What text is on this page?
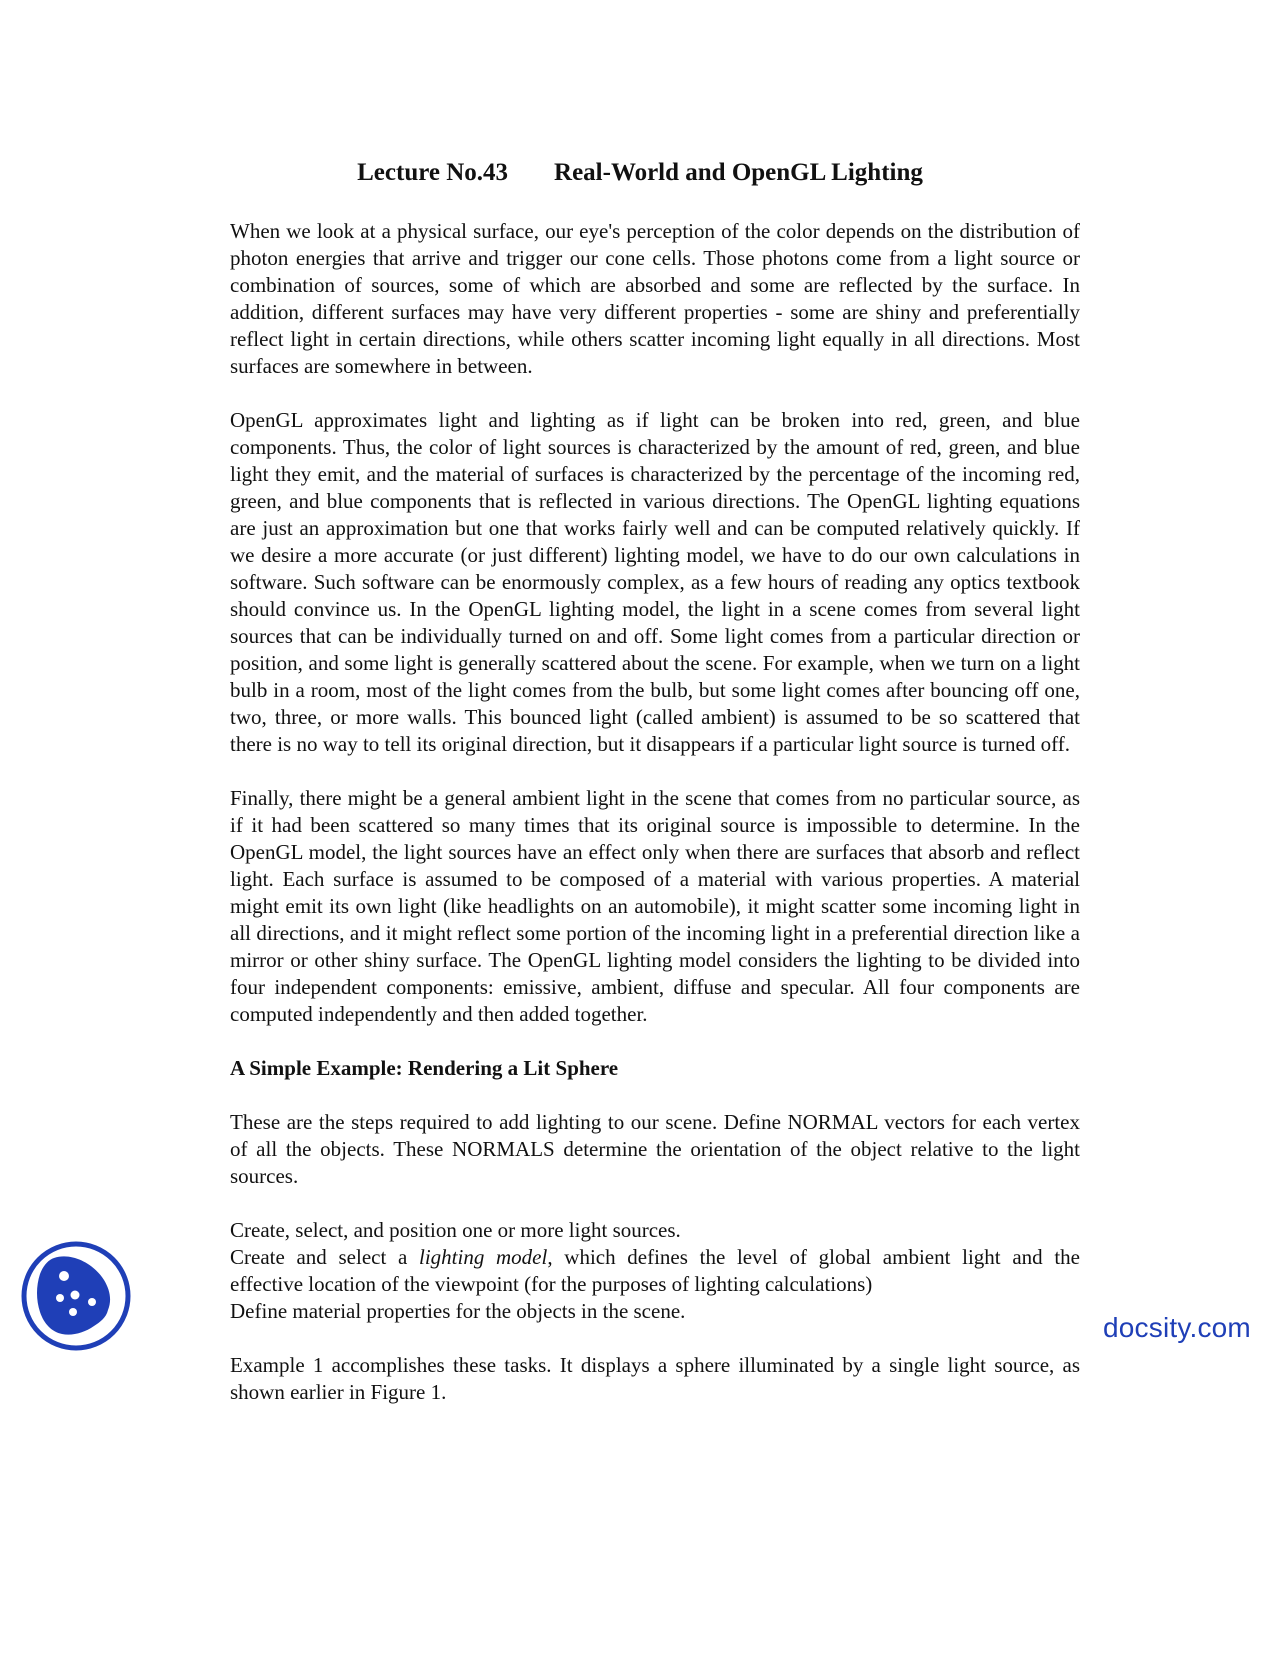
Lecture No.43 Real-World and OpenGL Lighting

When we look at a physical surface, our eye's perception of the color depends on the distribution of photon energies that arrive and trigger our cone cells. Those photons come from a light source or combination of sources, some of which are absorbed and some are reflected by the surface. In addition, different surfaces may have very different properties - some are shiny and preferentially reflect light in certain directions, while others scatter incoming light equally in all directions. Most surfaces are somewhere in between.

OpenGL approximates light and lighting as if light can be broken into red, green, and blue components. Thus, the color of light sources is characterized by the amount of red, green, and blue light they emit, and the material of surfaces is characterized by the percentage of the incoming red, green, and blue components that is reflected in various directions. The OpenGL lighting equations are just an approximation but one that works fairly well and can be computed relatively quickly. If we desire a more accurate (or just different) lighting model, we have to do our own calculations in software. Such software can be enormously complex, as a few hours of reading any optics textbook should convince us. In the OpenGL lighting model, the light in a scene comes from several light sources that can be individually turned on and off. Some light comes from a particular direction or position, and some light is generally scattered about the scene. For example, when we turn on a light bulb in a room, most of the light comes from the bulb, but some light comes after bouncing off one, two, three, or more walls. This bounced light (called ambient) is assumed to be so scattered that there is no way to tell its original direction, but it disappears if a particular light source is turned off.

Finally, there might be a general ambient light in the scene that comes from no particular source, as if it had been scattered so many times that its original source is impossible to determine. In the OpenGL model, the light sources have an effect only when there are surfaces that absorb and reflect light. Each surface is assumed to be composed of a material with various properties. A material might emit its own light (like headlights on an automobile), it might scatter some incoming light in all directions, and it might reflect some portion of the incoming light in a preferential direction like a mirror or other shiny surface. The OpenGL lighting model considers the lighting to be divided into four independent components: emissive, ambient, diffuse and specular. All four components are computed independently and then added together.

A Simple Example: Rendering a Lit Sphere

These are the steps required to add lighting to our scene. Define NORMAL vectors for each vertex of all the objects. These NORMALS determine the orientation of the object relative to the light sources.

Create, select, and position one or more light sources.
Create and select a lighting model, which defines the level of global ambient light and the
effective location of the viewpoint (for the purposes of lighting calculations)
Define material properties for the objects in the scene.

Example 1 accomplishes these tasks. It displays a sphere illuminated by a single light source, as shown earlier in Figure 1.

docsity.com
